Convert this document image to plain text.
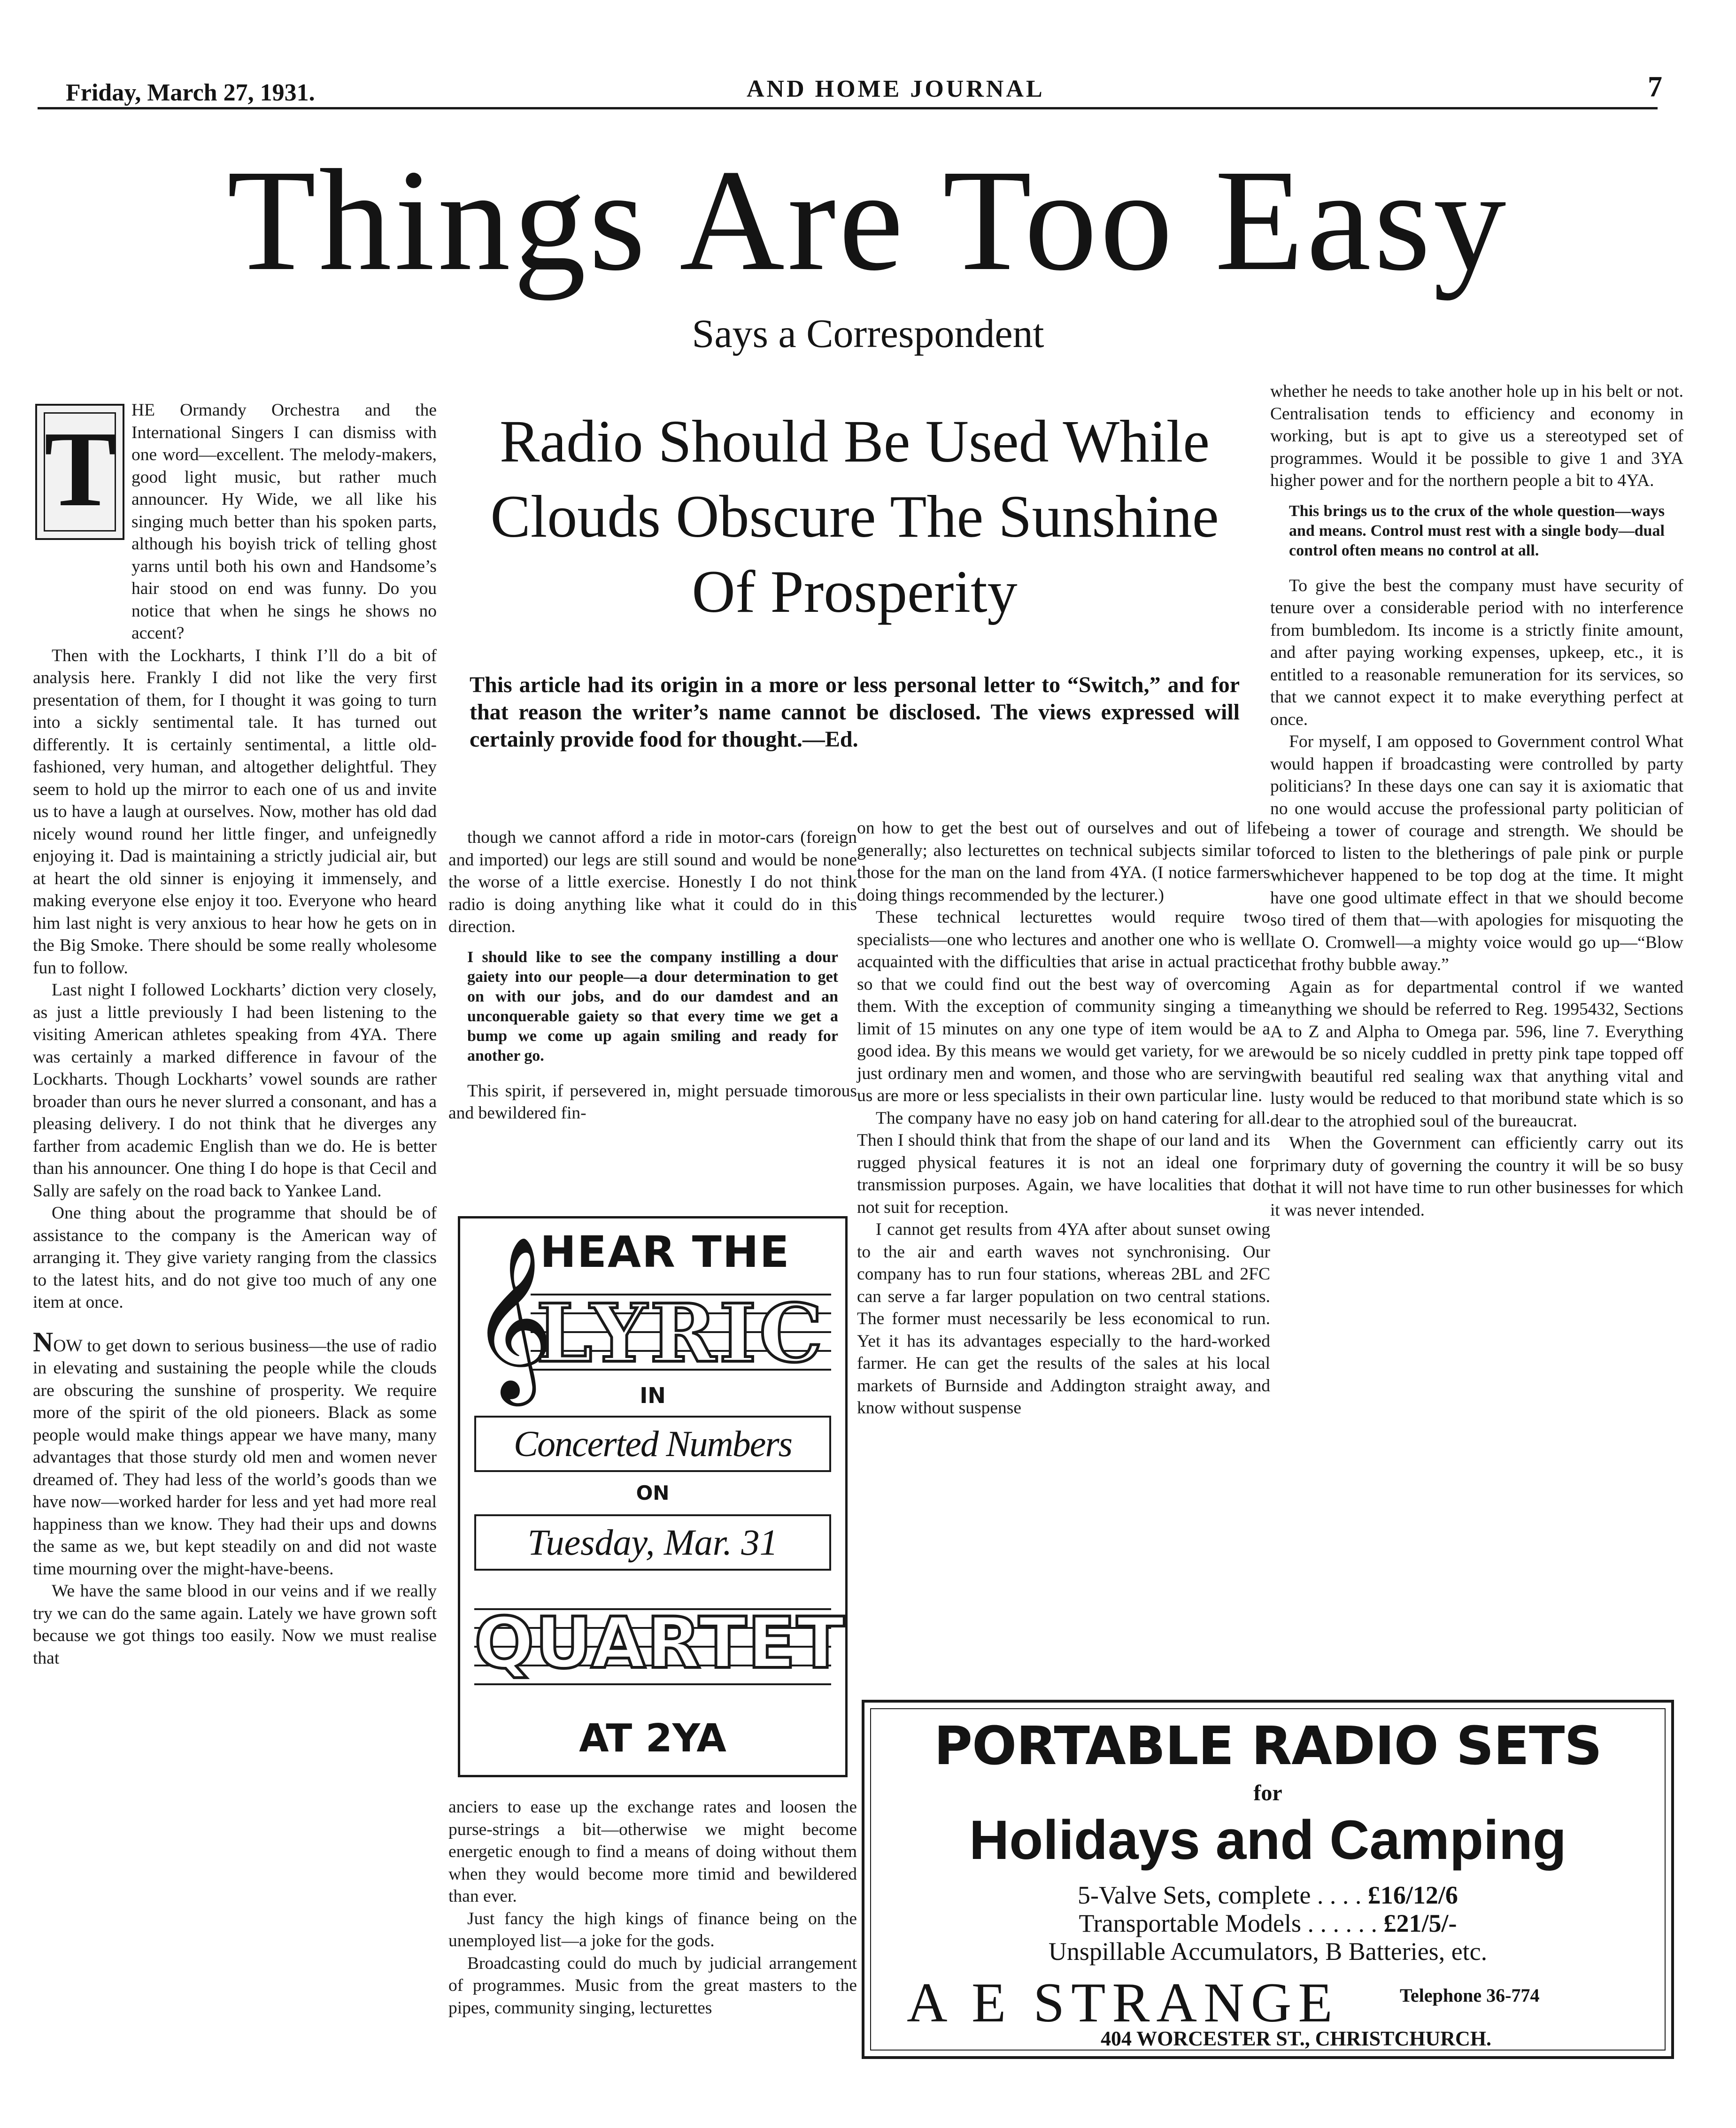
Friday, March 27, 1931.	AND HOME JOURNAL	7
Things Are Too Easy
Says a Correspondent
T HE Ormandy Orchestra and the International Singers I can dismiss with one word—excellent. The melody-makers, good light music, but rather much announcer. Hy Wide, we all like his singing much better than his spoken parts, although his boyish trick of telling ghost yarns until both his own and Handsome’s hair stood on end was funny. Do you notice that when he sings he shows no accent?

Then with the Lockharts, I think I’ll do a bit of analysis here. Frankly I did not like the very first presentation of them, for I thought it was going to turn into a sickly sentimental tale. It has turned out differently. It is certainly sentimental, a little old-fashioned, very human, and altogether delightful. They seem to hold up the mirror to each one of us and invite us to have a laugh at ourselves. Now, mother has old dad nicely wound round her little finger, and unfeignedly enjoying it. Dad is maintaining a strictly judicial air, but at heart the old sinner is enjoying it immensely, and making everyone else enjoy it too. Everyone who heard him last night is very anxious to hear how he gets on in the Big Smoke. There should be some really wholesome fun to follow.

Last night I followed Lockharts’ diction very closely, as just a little previously I had been listening to the visiting American athletes speaking from 4YA. There was certainly a marked difference in favour of the Lockharts. Though Lockharts’ vowel sounds are rather broader than ours he never slurred a consonant, and has a pleasing delivery. I do not think that he diverges any farther from academic English than we do. He is better than his announcer. One thing I do hope is that Cecil and Sally are safely on the road back to Yankee Land.

One thing about the programme that should be of assistance to the company is the American way of arranging it. They give variety ranging from the classics to the latest hits, and do not give too much of any one item at once.

NOW to get down to serious business—the use of radio in elevating and sustaining the people while the clouds are obscuring the sunshine of prosperity. We require more of the spirit of the old pioneers. Black as some people would make things appear we have many, many advantages that those sturdy old men and women never dreamed of. They had less of the world’s goods than we have now—worked harder for less and yet had more real happiness than we know. They had their ups and downs the same as we, but kept steadily on and did not waste time mourning over the might-have-beens.

We have the same blood in our veins and if we really try we can do the same again. Lately we have grown soft because we got things too easily. Now we must realise that

Radio Should Be Used While
Clouds Obscure The Sunshine
Of Prosperity
This article had its origin in a more or less personal letter to “Switch,” and for that reason the writer’s name cannot be disclosed. The views expressed will certainly provide food for thought.—Ed.

though we cannot afford a ride in motor-cars (foreign and imported) our legs are still sound and would be none the worse of a little exercise. Honestly I do not think radio is doing anything like what it could do in this direction.

I should like to see the company instilling a dour gaiety into our people—a dour determination to get on with our jobs, and do our damdest and an unconquerable gaiety so that every time we get a bump we come up again smiling and ready for another go.

This spirit, if persevered in, might persuade timorous and bewildered fin-

HEAR THE
𝄞
LYRIC
IN
Concerted Numbers
ON
Tuesday, Mar. 31
QUARTET
AT 2YA

anciers to ease up the exchange rates and loosen the purse-strings a bit—otherwise we might become energetic enough to find a means of doing without them when they would become more timid and bewildered than ever.

Just fancy the high kings of finance being on the unemployed list—a joke for the gods.

Broadcasting could do much by judicial arrangement of programmes. Music from the great masters to the pipes, community singing, lecturettes

on how to get the best out of ourselves and out of life generally; also lecturettes on technical subjects similar to those for the man on the land from 4YA. (I notice farmers doing things recommended by the lecturer.)

These technical lecturettes would require two specialists—one who lectures and another one who is well acquainted with the difficulties that arise in actual practice so that we could find out the best way of overcoming them. With the exception of community singing a time limit of 15 minutes on any one type of item would be a good idea. By this means we would get variety, for we are just ordinary men and women, and those who are serving us are more or less specialists in their own particular line.

The company have no easy job on hand catering for all. Then I should think that from the shape of our land and its rugged physical features it is not an ideal one for transmission purposes. Again, we have localities that do not suit for reception.

I cannot get results from 4YA after about sunset owing to the air and earth waves not synchronising. Our company has to run four stations, whereas 2BL and 2FC can serve a far larger population on two central stations. The former must necessarily be less economical to run. Yet it has its advantages especially to the hard-worked farmer. He can get the results of the sales at his local markets of Burnside and Addington straight away, and know without suspense

whether he needs to take another hole up in his belt or not. Centralisation tends to efficiency and economy in working, but is apt to give us a stereotyped set of programmes. Would it be possible to give 1 and 3YA higher power and for the northern people a bit to 4YA.

This brings us to the crux of the whole question—ways and means. Control must rest with a single body—dual control often means no control at all.

To give the best the company must have security of tenure over a considerable period with no interference from bumbledom. Its income is a strictly finite amount, and after paying working expenses, upkeep, etc., it is entitled to a reasonable remuneration for its services, so that we cannot expect it to make everything perfect at once.

For myself, I am opposed to Government control What would happen if broadcasting were controlled by party politicians? In these days one can say it is axiomatic that no one would accuse the professional party politician of being a tower of courage and strength. We should be forced to listen to the bletherings of pale pink or purple whichever happened to be top dog at the time. It might have one good ultimate effect in that we should become so tired of them that—with apologies for misquoting the late O. Cromwell—a mighty voice would go up—“Blow that frothy bubble away.”

Again as for departmental control if we wanted anything we should be referred to Reg. 1995432, Sections A to Z and Alpha to Omega par. 596, line 7. Everything would be so nicely cuddled in pretty pink tape topped off with beautiful red sealing wax that anything vital and lusty would be reduced to that moribund state which is so dear to the atrophied soul of the bureaucrat.

When the Government can efficiently carry out its primary duty of governing the country it will be so busy that it will not have time to run other businesses for which it was never intended.

PORTABLE RADIO SETS
for
Holidays and Camping
5-Valve Sets, complete . . . . £16/12/6
Transportable Models . . . . . . £21/5/-
Unspillable Accumulators, B Batteries, etc.
A E STRANGE	Telephone 36-774
404 WORCESTER ST., CHRISTCHURCH.
